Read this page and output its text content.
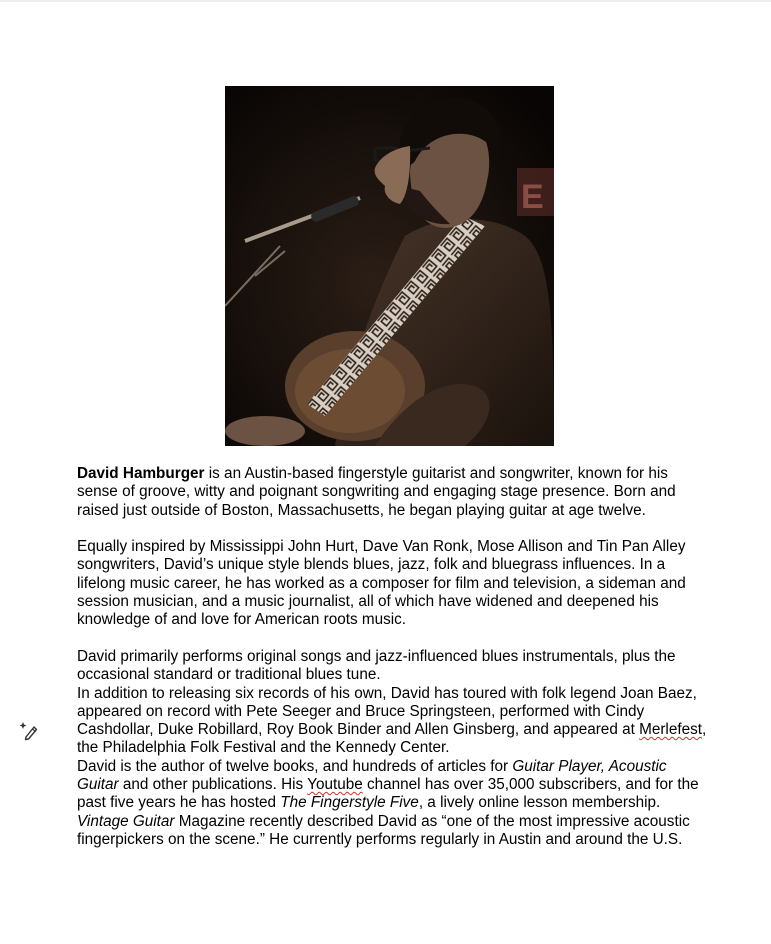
E

David Hamburger is an Austin-based fingerstyle guitarist and songwriter, known for his sense of groove, witty and poignant songwriting and engaging stage presence. Born and raised just outside of Boston, Massachusetts, he began playing guitar at age twelve.

Equally inspired by Mississippi John Hurt, Dave Van Ronk, Mose Allison and Tin Pan Alley songwriters, David’s unique style blends blues, jazz, folk and bluegrass influences. In a lifelong music career, he has worked as a composer for film and television, a sideman and session musician, and a music journalist, all of which have widened and deepened his knowledge of and love for American roots music.

David primarily performs original songs and jazz-influenced blues instrumentals, plus the occasional standard or traditional blues tune.

In addition to releasing six records of his own, David has toured with folk legend Joan Baez, appeared on record with Pete Seeger and Bruce Springsteen, performed with Cindy Cashdollar, Duke Robillard, Roy Book Binder and Allen Ginsberg, and appeared at Merlefest, the Philadelphia Folk Festival and the Kennedy Center.

David is the author of twelve books, and hundreds of articles for Guitar Player, Acoustic Guitar and other publications. His Youtube channel has over 35,000 subscribers, and for the past five years he has hosted The Fingerstyle Five, a lively online lesson membership.

Vintage Guitar Magazine recently described David as “one of the most impressive acoustic fingerpickers on the scene.” He currently performs regularly in Austin and around the U.S.
